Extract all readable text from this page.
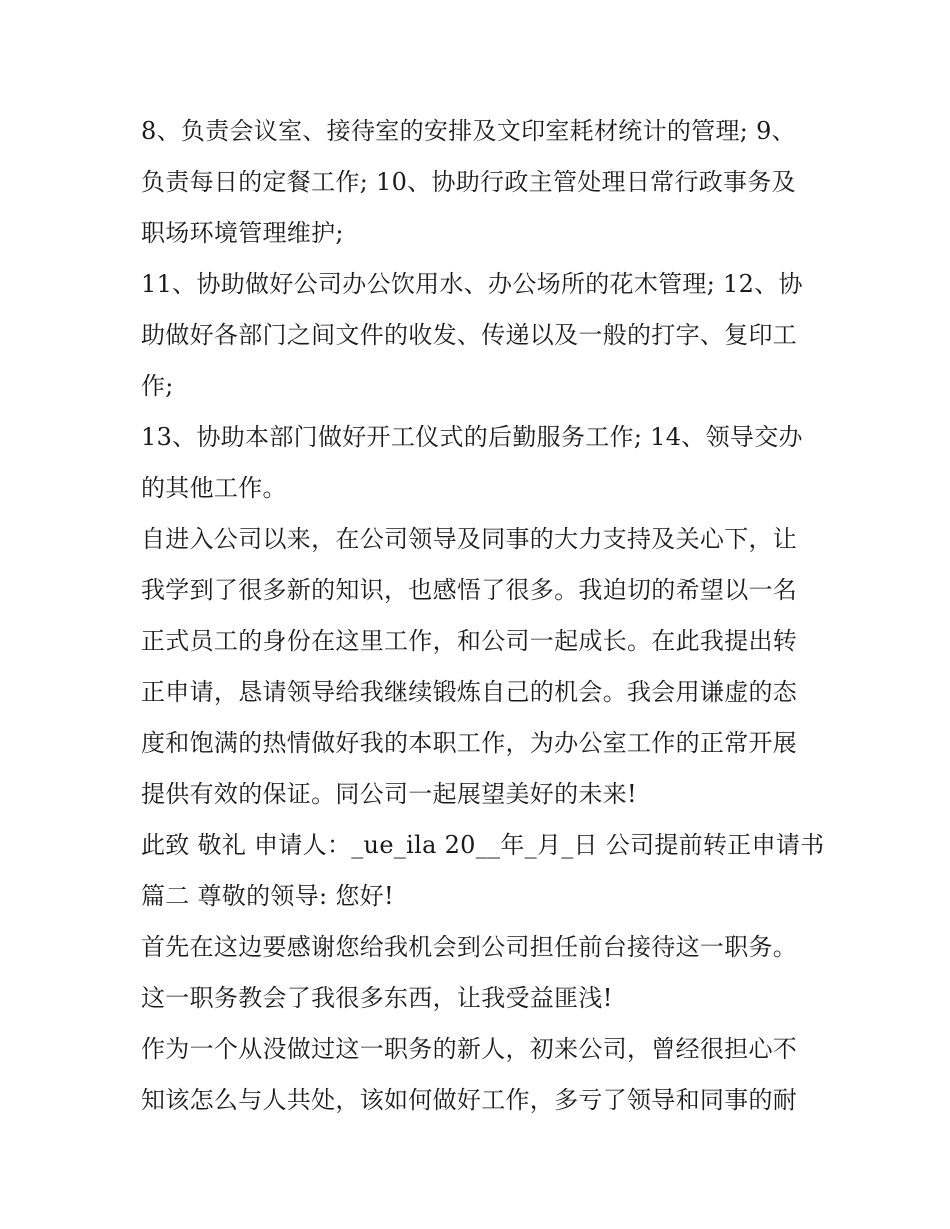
8、负责会议室、接待室的安排及文印室耗材统计的管理; 9、
负责每日的定餐工作; 10、协助行政主管处理日常行政事务及
职场环境管理维护;
11、协助做好公司办公饮用水、办公场所的花木管理; 12、协
助做好各部门之间文件的收发、传递以及一般的打字、复印工
作;
13、协助本部门做好开工仪式的后勤服务工作; 14、领导交办
的其他工作。
自进入公司以来，在公司领导及同事的大力支持及关心下，让
我学到了很多新的知识，也感悟了很多。我迫切的希望以一名
正式员工的身份在这里工作，和公司一起成长。在此我提出转
正申请，恳请领导给我继续锻炼自己的机会。我会用谦虚的态
度和饱满的热情做好我的本职工作，为办公室工作的正常开展
提供有效的保证。同公司一起展望美好的未来!
此致 敬礼 申请人：_ue_ila 20__年_月_日 公司提前转正申请书
篇二 尊敬的领导: 您好!
首先在这边要感谢您给我机会到公司担任前台接待这一职务。
这一职务教会了我很多东西，让我受益匪浅!
作为一个从没做过这一职务的新人，初来公司，曾经很担心不
知该怎么与人共处，该如何做好工作，多亏了领导和同事的耐
